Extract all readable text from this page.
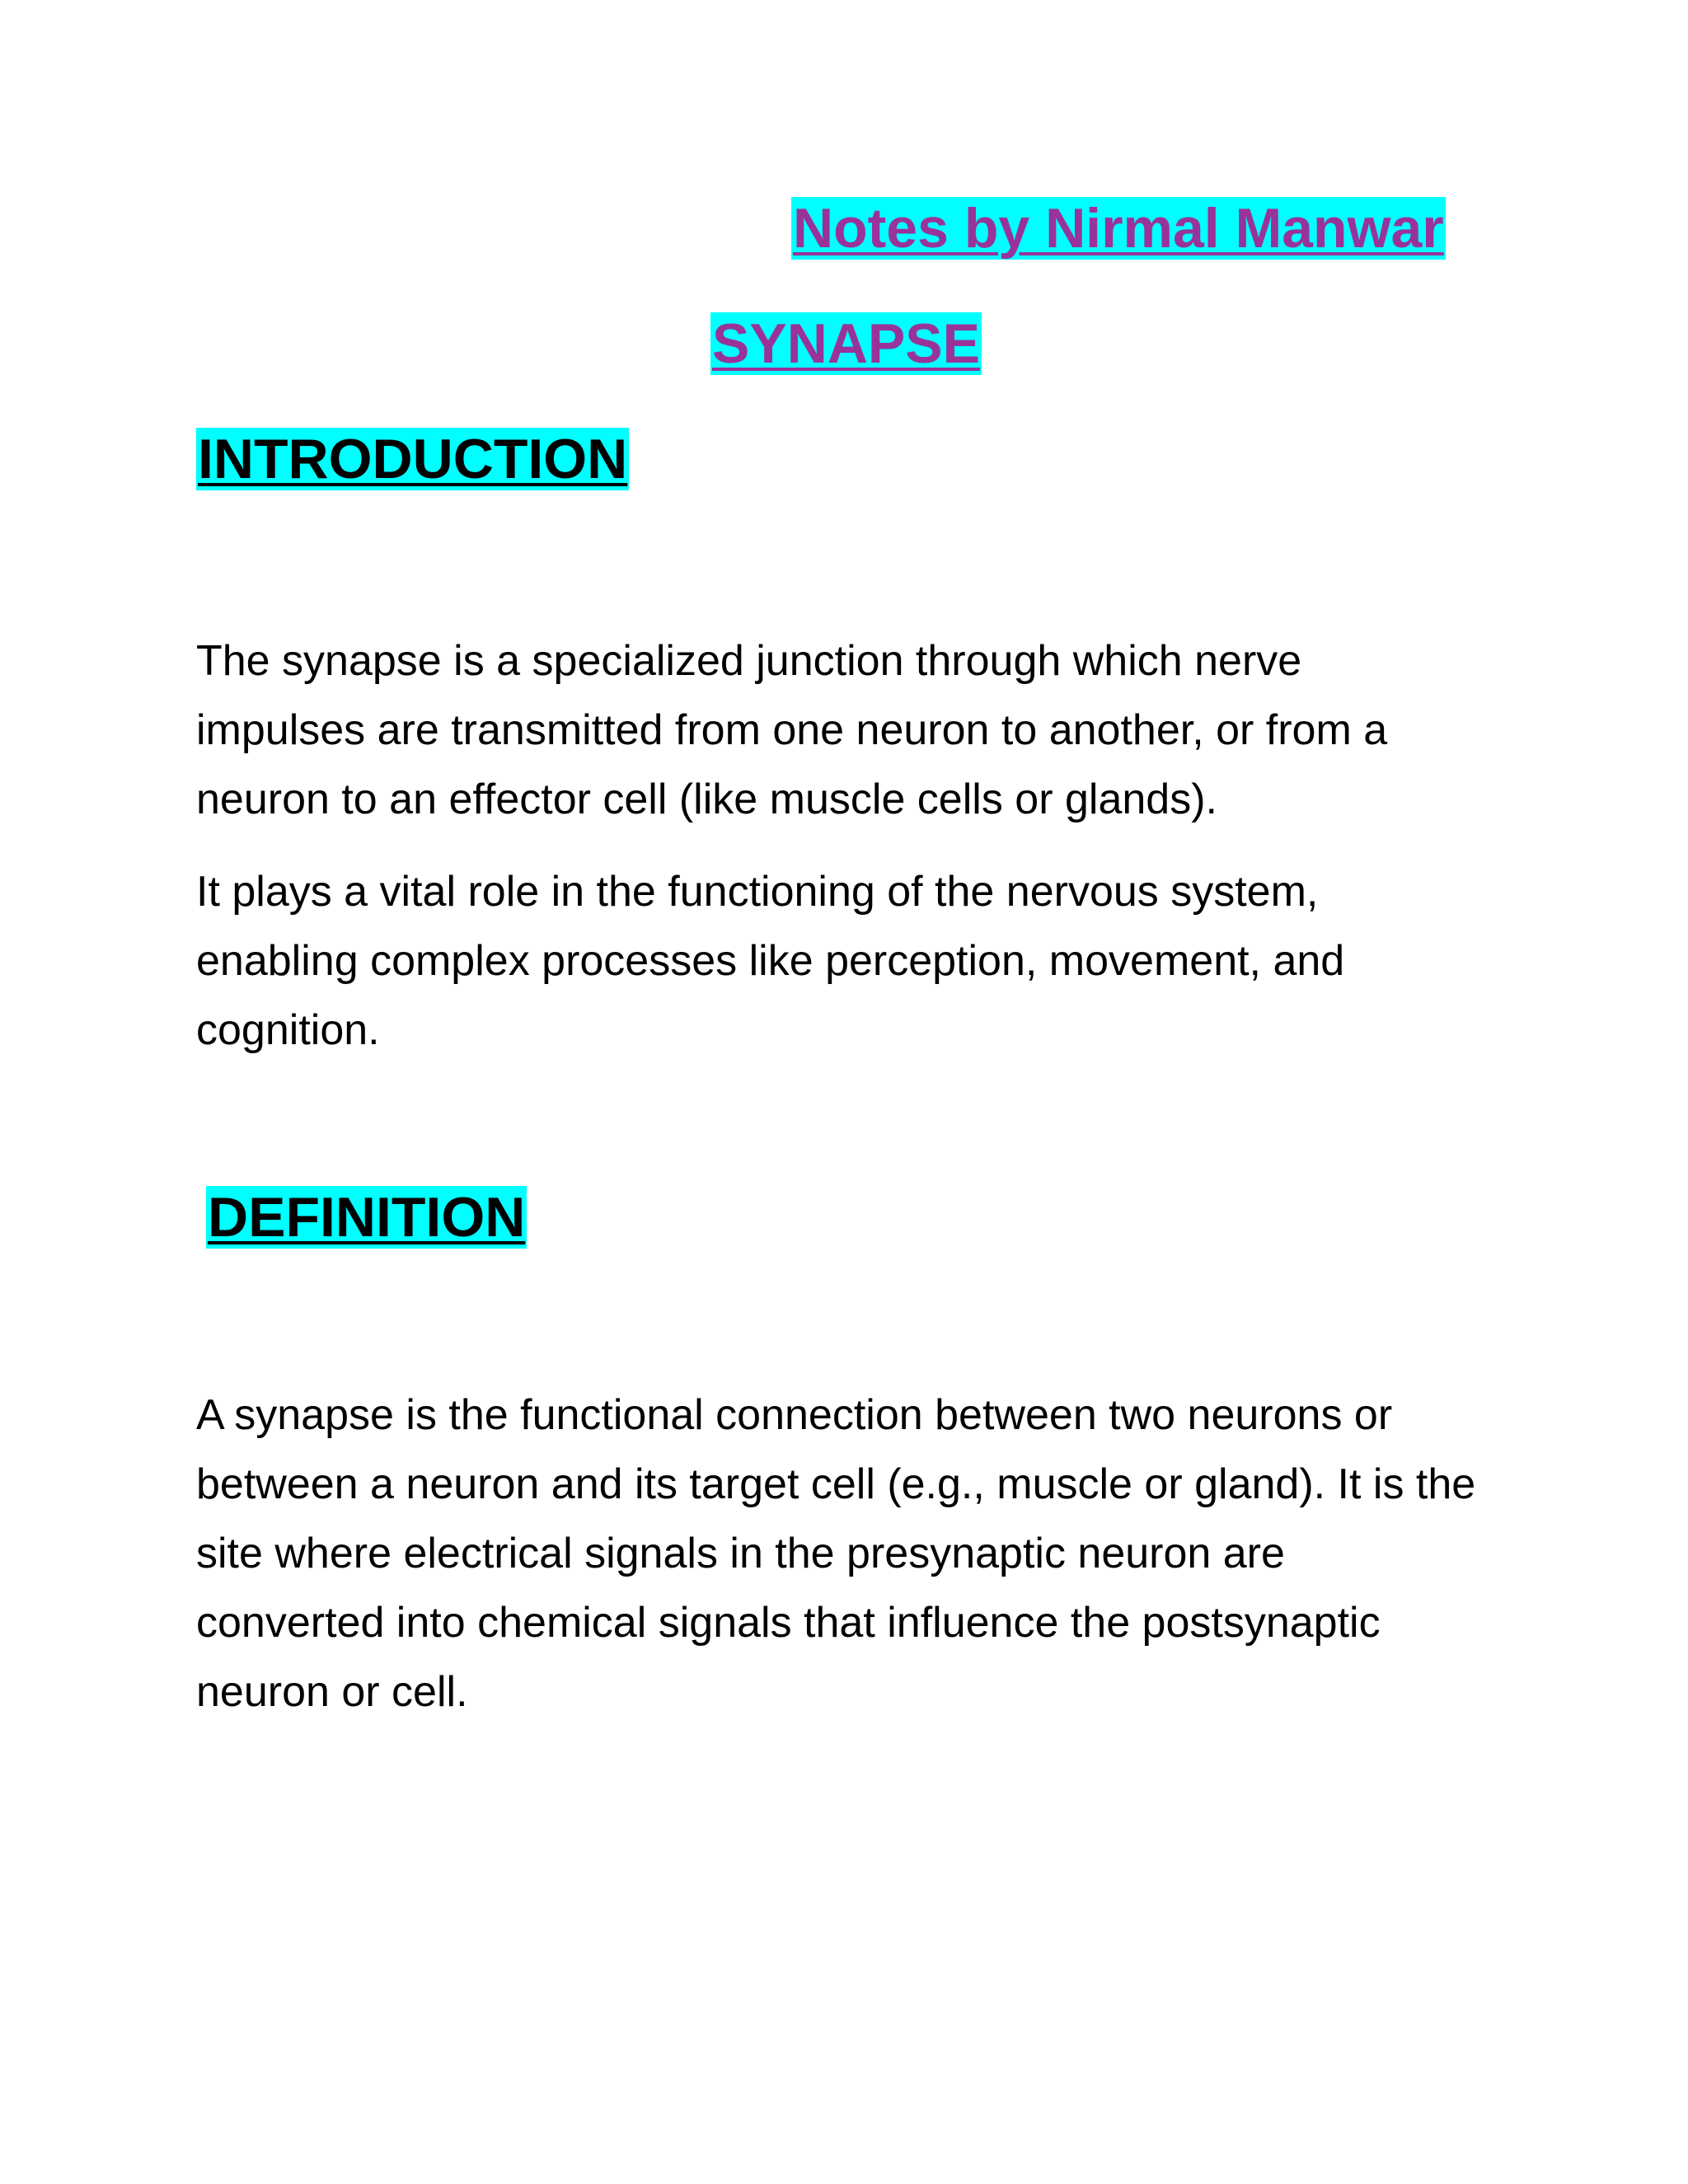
Notes by Nirmal Manwar
SYNAPSE
INTRODUCTION

The synapse is a specialized junction through which nerve impulses are transmitted from one neuron to another, or from a neuron to an effector cell (like muscle cells or glands).

It plays a vital role in the functioning of the nervous system, enabling complex processes like perception, movement, and cognition.

DEFINITION

A synapse is the functional connection between two neurons or between a neuron and its target cell (e.g., muscle or gland). It is the site where electrical signals in the presynaptic neuron are converted into chemical signals that influence the postsynaptic neuron or cell.
